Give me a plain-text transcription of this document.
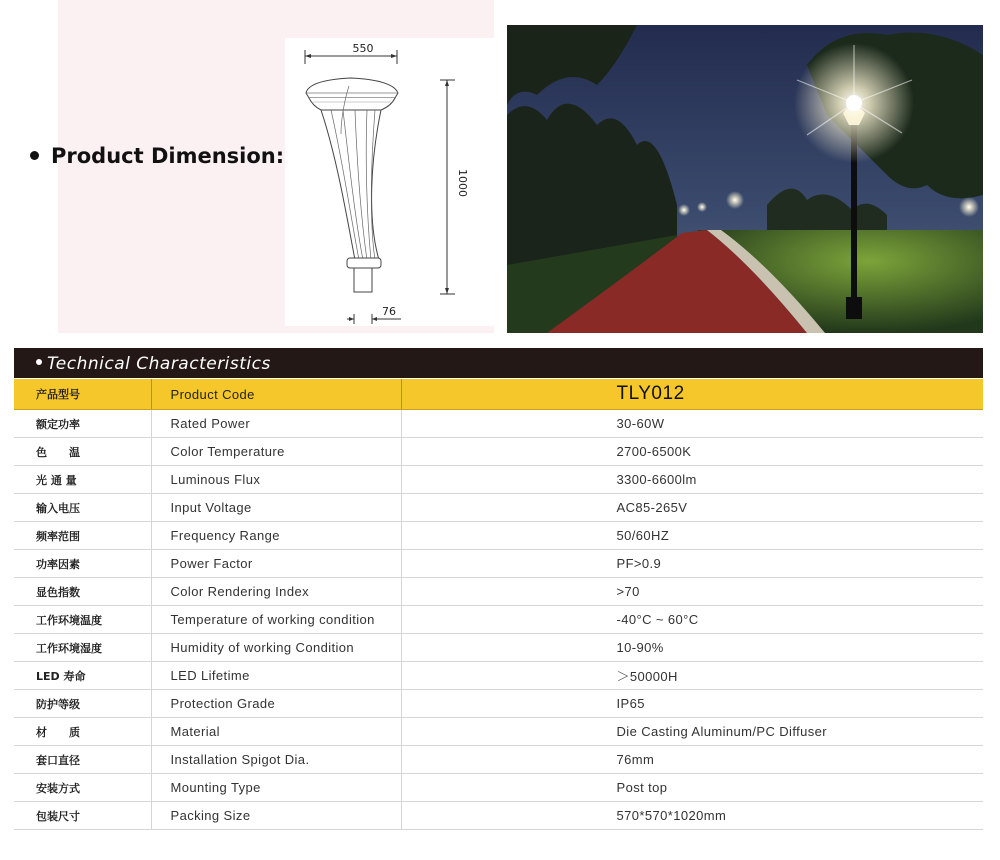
Product Dimension:
550
1000
76
Technical Characteristics
产品型号	Product Code	TLY012
额定功率	Rated Power	30-60W
色　　温	Color Temperature	2700-6500K
光 通 量	Luminous Flux	3300-6600lm
输入电压	Input Voltage	AC85-265V
频率范围	Frequency Range	50/60HZ
功率因素	Power Factor	PF>0.9
显色指数	Color Rendering Index	>70
工作环境温度	Temperature of working condition	-40°C ~ 60°C
工作环境湿度	Humidity of working Condition	10-90%
LED 寿命	LED Lifetime	＞50000H
防护等级	Protection Grade	IP65
材　　质	Material	Die Casting Aluminum/PC Diffuser
套口直径	Installation Spigot Dia.	76mm
安装方式	Mounting Type	Post top
包装尺寸	Packing Size	570*570*1020mm
